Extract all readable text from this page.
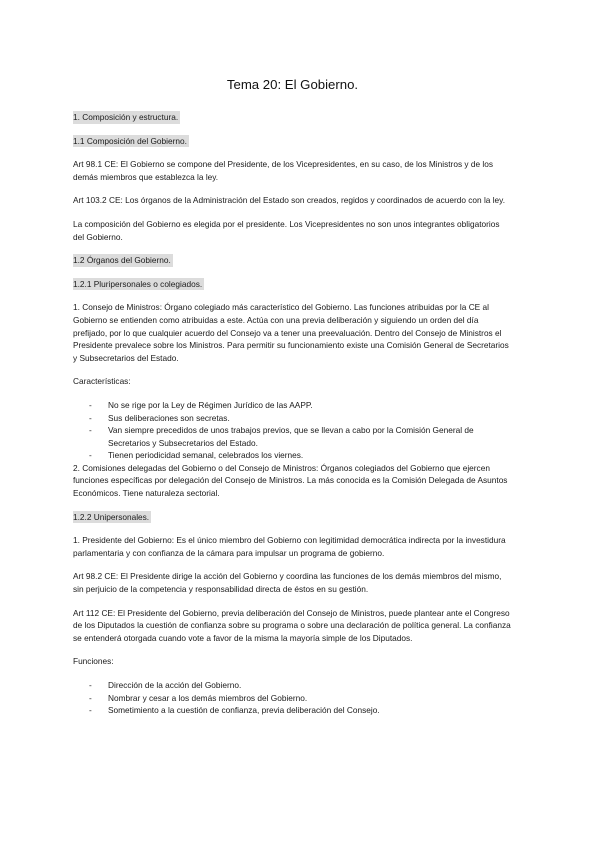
Tema 20: El Gobierno.
1. Composición y estructura.
1.1 Composición del Gobierno.

Art 98.1 CE: El Gobierno se compone del Presidente, de los Vicepresidentes, en su caso, de los Ministros y de los demás miembros que establezca la ley.

Art 103.2 CE: Los órganos de la Administración del Estado son creados, regidos y coordinados de acuerdo con la ley.

La composición del Gobierno es elegida por el presidente. Los Vicepresidentes no son unos integrantes obligatorios del Gobierno.

1.2 Órganos del Gobierno.
1.2.1 Pluripersonales o colegiados.

1. Consejo de Ministros: Órgano colegiado más característico del Gobierno. Las funciones atribuidas por la CE al Gobierno se entienden como atribuidas a este. Actúa con una previa deliberación y siguiendo un orden del día prefijado, por lo que cualquier acuerdo del Consejo va a tener una preevaluación. Dentro del Consejo de Ministros el Presidente prevalece sobre los Ministros. Para permitir su funcionamiento existe una Comisión General de Secretarios y Subsecretarios del Estado.

Características:

- No se rige por la Ley de Régimen Jurídico de las AAPP.
- Sus deliberaciones son secretas.
- Van siempre precedidos de unos trabajos previos, que se llevan a cabo por la Comisión General de Secretarios y Subsecretarios del Estado.
- Tienen periodicidad semanal, celebrados los viernes.

2. Comisiones delegadas del Gobierno o del Consejo de Ministros: Órganos colegiados del Gobierno que ejercen funciones específicas por delegación del Consejo de Ministros. La más conocida es la Comisión Delegada de Asuntos Económicos. Tiene naturaleza sectorial.

1.2.2 Unipersonales.

1. Presidente del Gobierno: Es el único miembro del Gobierno con legitimidad democrática indirecta por la investidura parlamentaria y con confianza de la cámara para impulsar un programa de gobierno.

Art 98.2 CE: El Presidente dirige la acción del Gobierno y coordina las funciones de los demás miembros del mismo, sin perjuicio de la competencia y responsabilidad directa de éstos en su gestión.

Art 112 CE: El Presidente del Gobierno, previa deliberación del Consejo de Ministros, puede plantear ante el Congreso de los Diputados la cuestión de confianza sobre su programa o sobre una declaración de política general. La confianza se entenderá otorgada cuando vote a favor de la misma la mayoría simple de los Diputados.

Funciones:

- Dirección de la acción del Gobierno.
- Nombrar y cesar a los demás miembros del Gobierno.
- Sometimiento a la cuestión de confianza, previa deliberación del Consejo.
